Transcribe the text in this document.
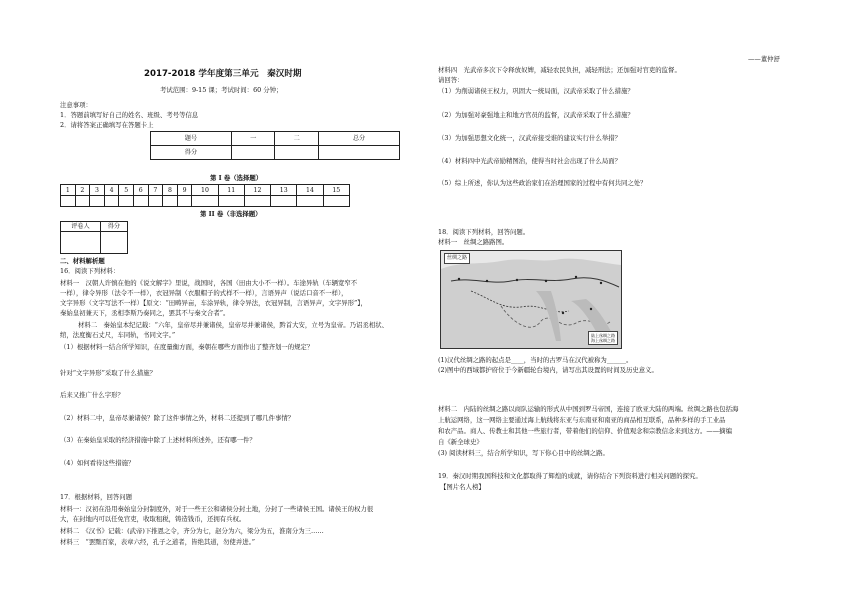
2017-2018 学年度第三单元　秦汉时期
考试范围：9-15 课；考试时间：60 分钟；
注意事项：
1．答题前填写好自己的姓名、班级、考号等信息
2．请将答案正确填写在答题卡上
题号	一	二	总分
得分			
第 I 卷（选择题）
1	2	3	4	5	6	7	8	9	10	11	12	13	14	15

第 II 卷（非选择题）
评卷人	得分

二、材料解析题
16．阅读下列材料：
材料一　汉朝人许慎在他的《说文解字》里说，战国时，各国（田由大小不一样）。车途异轨（车辆宽窄不
一样），律令异形（法令不一样），衣冠异制（衣服帽子的式样不一样），言语异声（说话口音不一样），
文字异形（文字写法不一样）【原文：“田畴异亩，车涂异轨，律令异法，衣冠异制，言语异声，文字异形”】，
秦始皇初兼天下，丞相李斯乃奏同之，罢其不与秦文合者”。
材料二　秦始皇本纪记载：“六年，皇帝尽并兼诸侯，皇帝尽并兼诸侯，黔首大安，立号为皇帝。乃诏丞相状、
绾，法度衡石丈尺，车同轨，书同文字。”
（1）根据材料一结合所学知识，在度量衡方面，秦朝在哪些方面作出了整齐划一的规定？
针对“文字异形”采取了什么措施？
后来又推广什么字形？
（2）材料二中，皇帝尽兼诸侯？除了这件事情之外，材料二还提到了哪几件事情？
（3）在秦始皇采取的经济措施中除了上述材料所述外，还有哪一件？
（4）如何看待这些措施？
17．根据材料，回答问题
材料一：汉初在沿用秦始皇分封制度外，对于一些王公和诸侯分封土地，分封了一些诸侯王国。诸侯王的权力很
大，在封地内可以任免官吏，收取租税，铸造钱币，还拥有兵权。
材料二　《汉书》记载：(武帝)下推恩之令，齐分为七，赵分为六，梁分为五，淮南分为三……
材料三　“罢黜百家，表章六经，孔子之道者，皆绝其道，勿使并进。”
——董仲舒
材料四　光武帝多次下令释放奴婢，减轻农民负担，减轻刑法；还加强对官吏的监督。
请回答：
（1）为削弱诸侯王权力，巩固大一统局面，汉武帝采取了什么措施？
（2）为加强对豪强地主和地方官员的监督，汉武帝采取了什么措施？
（3）为加强思想文化统一，汉武帝接受谁的建议实行什么举措？
（4）材料四中光武帝励精图治，使得当时社会出现了什么局面？
（5）综上所述，你认为这些政治家们在治理国家的过程中有何共同之处？
18．阅读下列材料，回答问题。
材料一　丝绸之路路图。
丝绸之路
陆上丝绸之路
海上丝绸之路
(1)汉代丝绸之路的起点是____，当时的古罗马在汉代被称为______。
(2)图中的西域都护府位于今新疆轮台境内，请写出其设置的时间及历史意义。
材料二　内陆的丝绸之路以商队运输的形式从中国到罗马帝国，连接了欧亚大陆的两端。丝绸之路也包括海
上航运网络，这一网络主要通过海上航线将东亚与东南亚和南亚的商品相互联系，品种多样的手工业品
和农产品。商人、传教士和其他一些旅行者，带着他们的信仰、价值观念和宗教信念来到这方。——摘编
自《新全球史》
(3) 阅读材料三，结合所学知识，写下你心目中的丝绸之路。
19．秦汉时期我国科技和文化都取得了辉煌的成就，请你结合下列资料进行相关问题的探究。
【图片名人榜】
